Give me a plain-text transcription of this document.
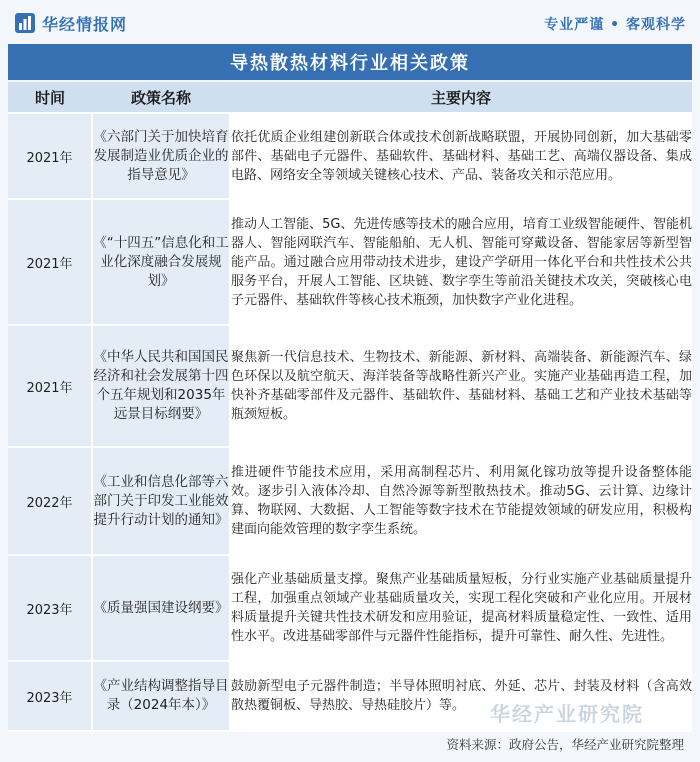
华经情报网	专业严谨 • 客观科学
导热散热材料行业相关政策
时间	政策名称	主要内容
2021年	《六部门关于加快培育发展制造业优质企业的指导意见》	依托优质企业组建创新联合体或技术创新战略联盟，开展协同创新，加大基础零部件、基础电子元器件、基础软件、基础材料、基础工艺、高端仪器设备、集成电路、网络安全等领域关键核心技术、产品、装备攻关和示范应用。
2021年	《“十四五”信息化和工业化深度融合发展规划》	推动人工智能、5G、先进传感等技术的融合应用，培育工业级智能硬件、智能机器人、智能网联汽车、智能船舶、无人机、智能可穿戴设备、智能家居等新型智能产品。通过融合应用带动技术进步，建设产学研用一体化平台和共性技术公共服务平台，开展人工智能、区块链、数字孪生等前沿关键技术攻关，突破核心电子元器件、基础软件等核心技术瓶颈，加快数字产业化进程。
2021年	《中华人民共和国国民经济和社会发展第十四个五年规划和2035年远景目标纲要》	聚焦新一代信息技术、生物技术、新能源、新材料、高端装备、新能源汽车、绿色环保以及航空航天、海洋装备等战略性新兴产业。实施产业基础再造工程，加快补齐基础零部件及元器件、基础软件、基础材料、基础工艺和产业技术基础等瓶颈短板。
2022年	《工业和信息化部等六部门关于印发工业能效提升行动计划的通知》	推进硬件节能技术应用，采用高制程芯片、利用氮化镓功放等提升设备整体能效。逐步引入液体冷却、自然冷源等新型散热技术。推动5G、云计算、边缘计算、物联网、大数据、人工智能等数字技术在节能提效领域的研发应用，积极构建面向能效管理的数字孪生系统。
2023年	《质量强国建设纲要》	强化产业基础质量支撑。聚焦产业基础质量短板，分行业实施产业基础质量提升工程，加强重点领域产业基础质量攻关，实现工程化突破和产业化应用。开展材料质量提升关键共性技术研发和应用验证，提高材料质量稳定性、一致性、适用性水平。改进基础零部件与元器件性能指标，提升可靠性、耐久性、先进性。
2023年	《产业结构调整指导目录（2024年本）》	鼓励新型电子元器件制造；半导体照明衬底、外延、芯片、封装及材料（含高效散热覆铜板、导热胶、导热硅胶片）等。 华经产业研究院
资料来源：政府公告，华经产业研究院整理
